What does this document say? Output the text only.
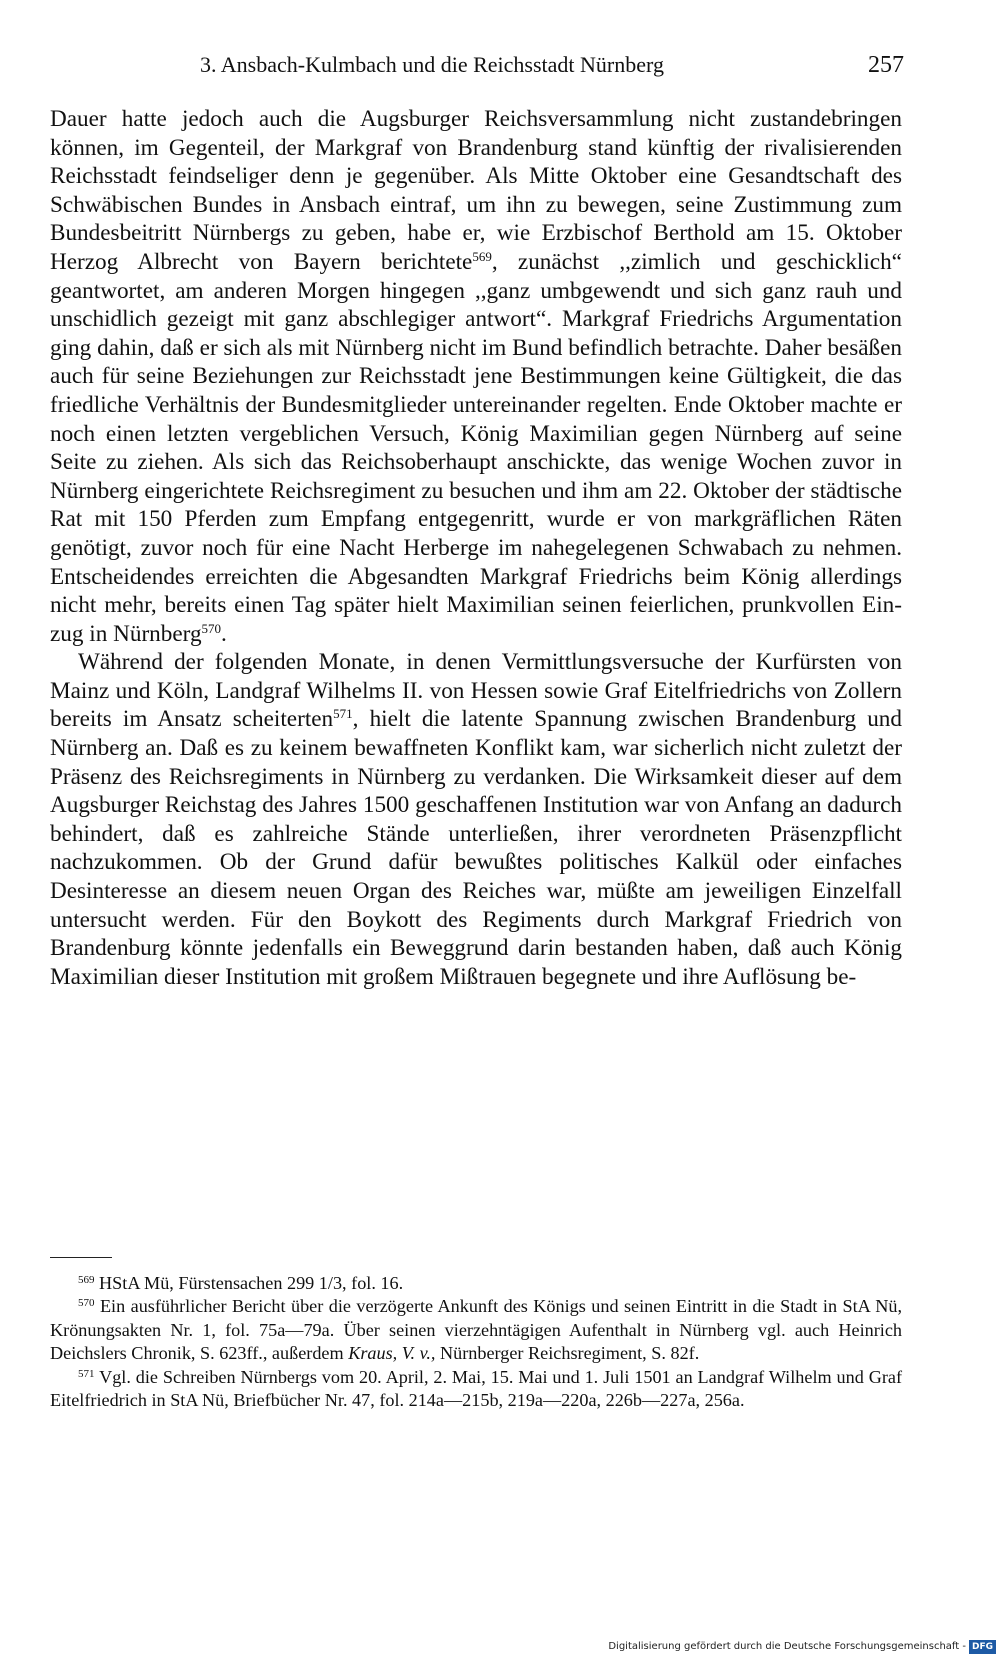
3. Ansbach-Kulmbach und die Reichsstadt Nürnberg	257

Dauer hatte jedoch auch die Augsburger Reichsversammlung nicht zustandebringen können, im Gegenteil, der Markgraf von Brandenburg stand künftig der rivalisierenden Reichsstadt feindseliger denn je gegenüber. Als Mitte Oktober eine Gesandtschaft des Schwäbischen Bundes in Ansbach eintraf, um ihn zu bewegen, seine Zustimmung zum Bundesbeitritt Nürnbergs zu geben, habe er, wie Erzbischof Berthold am 15. Oktober Herzog Albrecht von Bayern berichtete$^{569}$, zunächst ,,zimlich und geschicklich“ geantwortet, am anderen Morgen hingegen ,,ganz umbgewendt und sich ganz rauh und unschidlich gezeigt mit ganz abschlegiger antwort“. Markgraf Friedrichs Argumentation ging dahin, daß er sich als mit Nürnberg nicht im Bund befindlich betrachte. Daher besäßen auch für seine Beziehungen zur Reichsstadt jene Bestimmungen keine Gültigkeit, die das friedliche Verhältnis der Bundesmitglieder untereinander regelten. Ende Oktober machte er noch einen letzten vergeblichen Versuch, König Maximilian gegen Nürnberg auf seine Seite zu ziehen. Als sich das Reichsoberhaupt anschickte, das wenige Wochen zuvor in Nürnberg eingerichtete Reichsregiment zu besuchen und ihm am 22. Oktober der städtische Rat mit 150 Pferden zum Empfang entgegenritt, wurde er von markgräflichen Räten genötigt, zuvor noch für eine Nacht Herberge im nahegelegenen Schwabach zu nehmen. Entscheidendes erreichten die Abgesandten Markgraf Friedrichs beim König allerdings nicht mehr, bereits einen Tag später hielt Maximilian seinen feierlichen, prunkvollen Einzug in Nürnberg$^{570}$.

Während der folgenden Monate, in denen Vermittlungsversuche der Kurfürsten von Mainz und Köln, Landgraf Wilhelms II. von Hessen sowie Graf Eitelfriedrichs von Zollern bereits im Ansatz scheiterten$^{571}$, hielt die latente Spannung zwischen Brandenburg und Nürnberg an. Daß es zu keinem bewaffneten Konflikt kam, war sicherlich nicht zuletzt der Präsenz des Reichsregiments in Nürnberg zu verdanken. Die Wirksamkeit dieser auf dem Augsburger Reichstag des Jahres 1500 geschaffenen Institution war von Anfang an dadurch behindert, daß es zahlreiche Stände unterließen, ihrer verordneten Präsenzpflicht nachzukommen. Ob der Grund dafür bewußtes politisches Kalkül oder einfaches Desinteresse an diesem neuen Organ des Reiches war, müßte am jeweiligen Einzelfall untersucht werden. Für den Boykott des Regiments durch Markgraf Friedrich von Brandenburg könnte jedenfalls ein Beweggrund darin bestanden haben, daß auch König Maximilian dieser Institution mit großem Mißtrauen begegnete und ihre Auflösung be-

$^{569}$ HStA Mü, Fürstensachen 299 1/3, fol. 16.

$^{570}$ Ein ausführlicher Bericht über die verzögerte Ankunft des Königs und seinen Eintritt in die Stadt in StA Nü, Krönungsakten Nr. 1, fol. 75a—79a. Über seinen vierzehntägigen Aufenthalt in Nürnberg vgl. auch Heinrich Deichslers Chronik, S. 623ff., außerdem Kraus, V. v., Nürnberger Reichsregiment, S. 82f.

$^{571}$ Vgl. die Schreiben Nürnbergs vom 20. April, 2. Mai, 15. Mai und 1. Juli 1501 an Landgraf Wilhelm und Graf Eitelfriedrich in StA Nü, Briefbücher Nr. 47, fol. 214a—215b, 219a—220a, 226b—227a, 256a.

Digitalisierung gefördert durch die Deutsche Forschungsgemeinschaft - DFG
